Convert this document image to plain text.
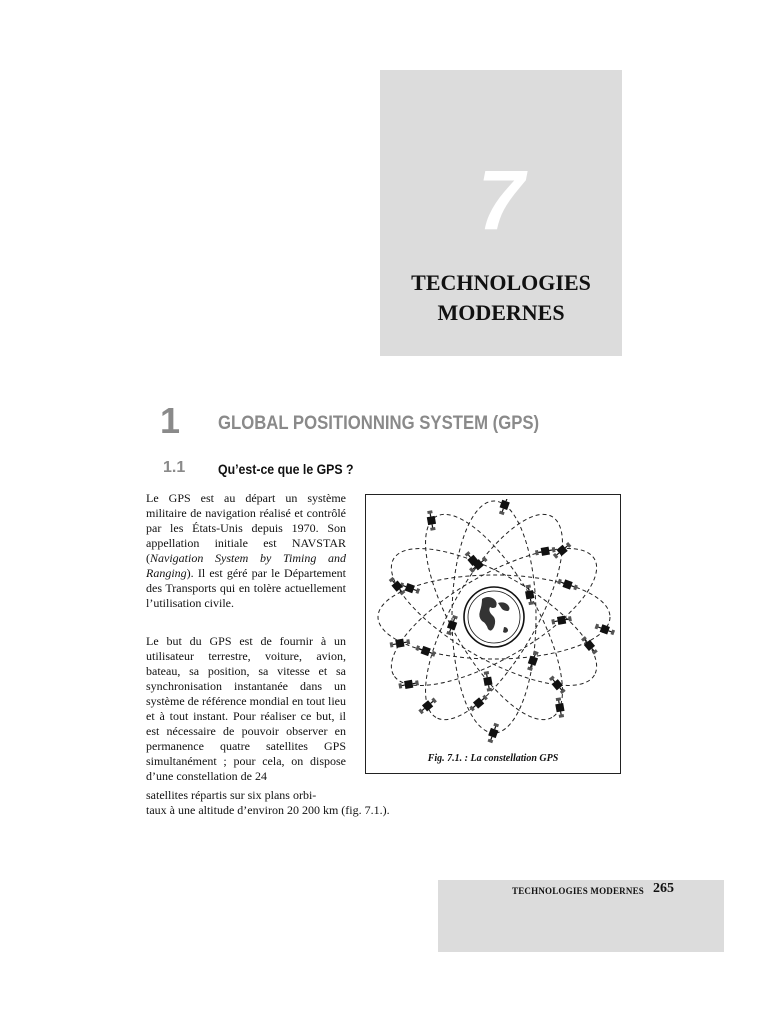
7
TECHNOLOGIES
MODERNES
1 GLOBAL POSITIONNING SYSTEM (GPS)
1.1 Qu’est-ce que le GPS ?
Le GPS est au départ un système militaire de navigation réalisé et contrôlé par les États-Unis depuis 1970. Son appellation initiale est NAVSTAR (Navigation System by Timing and Ranging). Il est géré par le Département des Transports qui en tolère actuellement l’utilisation civile.
Le but du GPS est de fournir à un utilisateur terrestre, voiture, avion, bateau, sa position, sa vitesse et sa synchronisation instantanée dans un système de référence mondial en tout lieu et à tout instant. Pour réaliser ce but, il est nécessaire de pouvoir observer en permanence quatre satellites GPS simultanément ; pour cela, on dispose d’une constellation de 24
satellites répartis sur six plans orbi-
taux à une altitude d’environ 20 200 km (fig. 7.1.).
Fig. 7.1. : La constellation GPS
TECHNOLOGIES MODERNES 265
